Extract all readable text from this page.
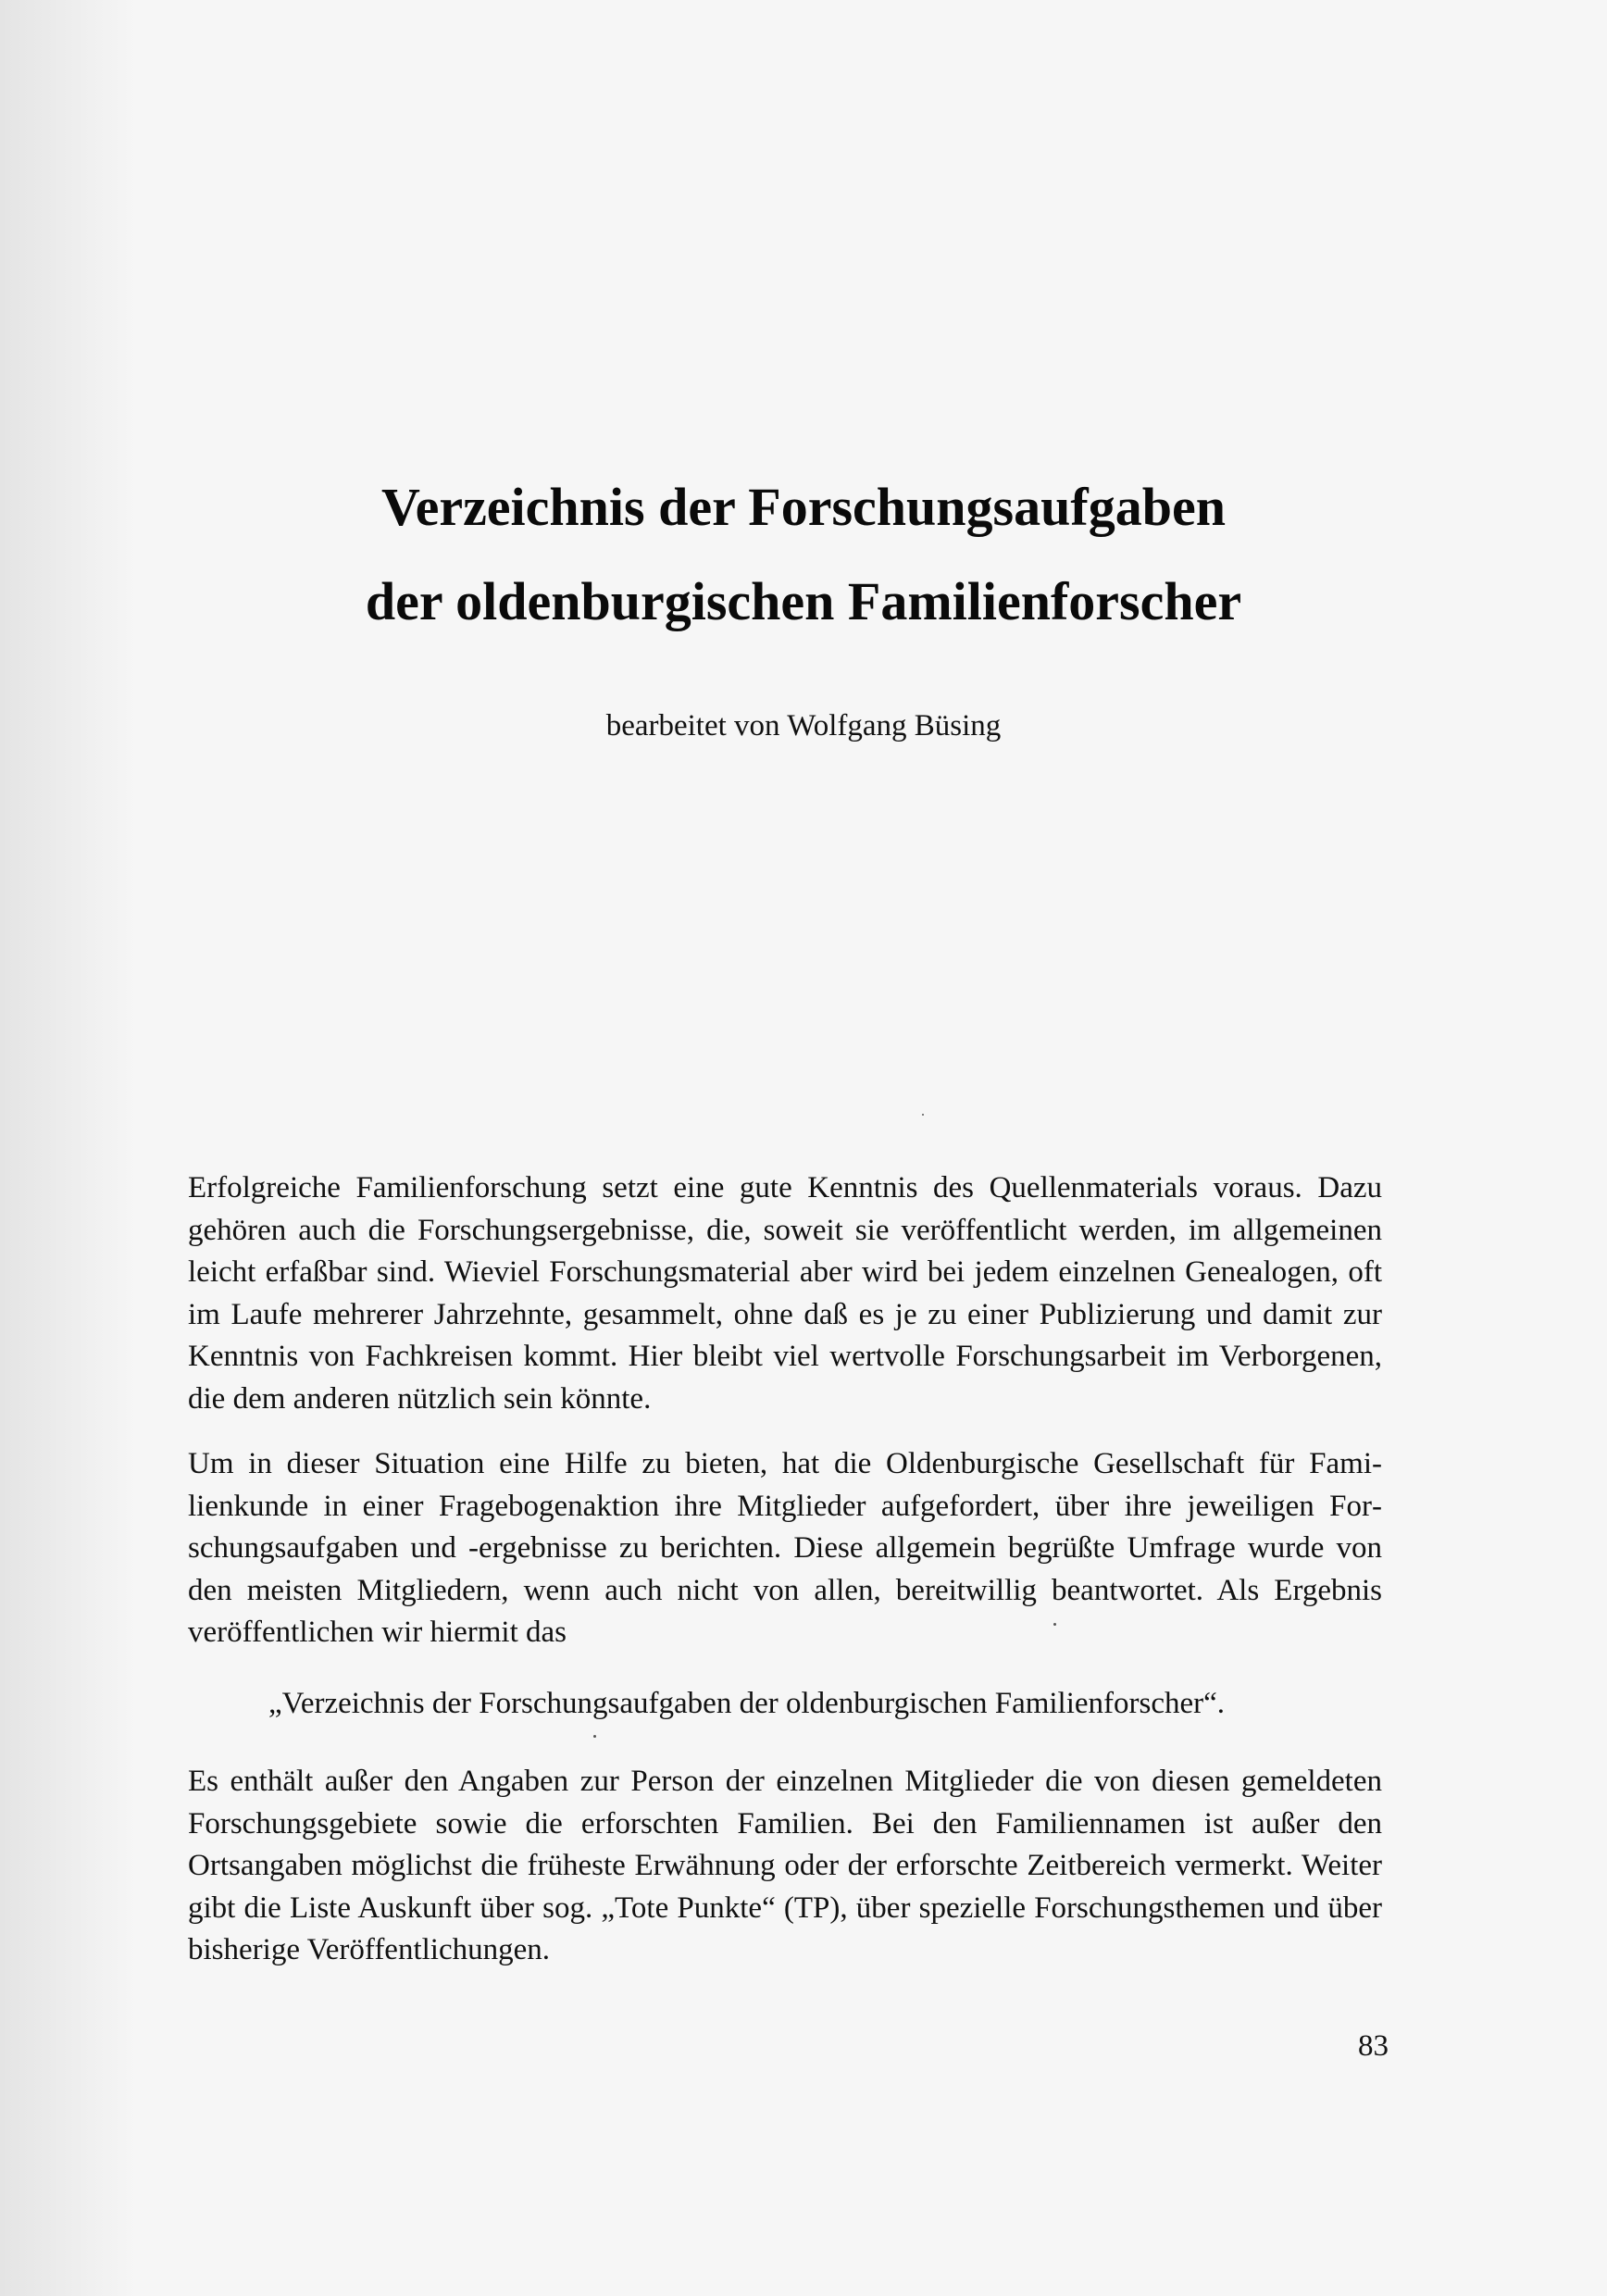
Verzeichnis der Forschungsaufgaben
der oldenburgischen Familienforscher

bearbeitet von Wolfgang Büsing

Erfolgreiche Familienforschung setzt eine gute Kenntnis des Quellenmaterials voraus. Dazu gehören auch die Forschungsergebnisse, die, soweit sie veröffentlicht werden, im allgemeinen leicht erfaßbar sind. Wieviel Forschungsmaterial aber wird bei jedem einzelnen Genealogen, oft im Laufe mehrerer Jahrzehnte, gesammelt, ohne daß es je zu einer Publizierung und damit zur Kenntnis von Fachkreisen kommt. Hier bleibt viel wertvolle Forschungsarbeit im Verborgenen, die dem anderen nützlich sein könnte.

Um in dieser Situation eine Hilfe zu bieten, hat die Oldenburgische Gesellschaft für Familienkunde in einer Fragebogenaktion ihre Mitglieder aufgefordert, über ihre jeweiligen Forschungsaufgaben und -ergebnisse zu berichten. Diese allgemein begrüßte Umfrage wurde von den meisten Mitgliedern, wenn auch nicht von allen, bereitwillig beantwortet. Als Ergebnis veröffentlichen wir hiermit das

„Verzeichnis der Forschungsaufgaben der oldenburgischen Familienforscher“.

Es enthält außer den Angaben zur Person der einzelnen Mitglieder die von diesen gemeldeten Forschungsgebiete sowie die erforschten Familien. Bei den Familiennamen ist außer den Ortsangaben möglichst die früheste Erwähnung oder der erforschte Zeitbereich vermerkt. Weiter gibt die Liste Auskunft über sog. „Tote Punkte“ (TP), über spezielle Forschungsthemen und über bisherige Veröffentlichungen.

83
